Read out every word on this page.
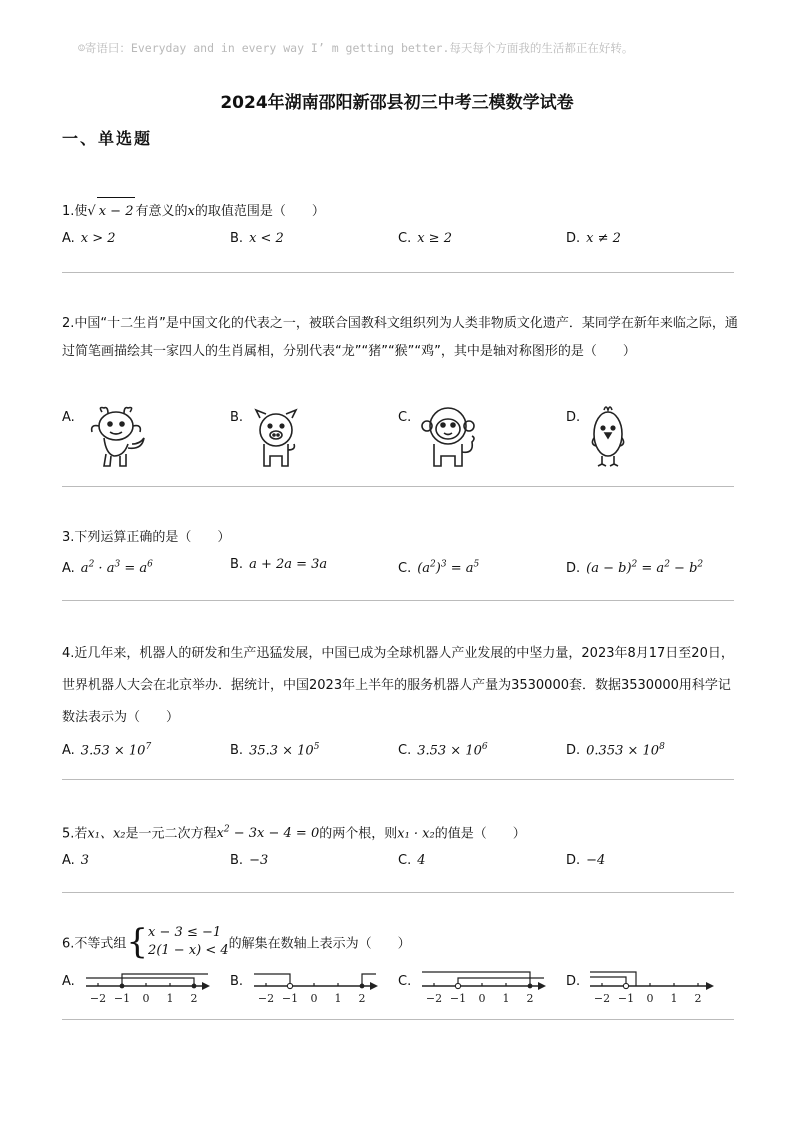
☺寄语曰：Everyday and in every way I’ m getting better.每天每个方面我的生活都正在好转。
2024年湖南邵阳新邵县初三中考三模数学试卷
一、单选题
1.使√ x − 2 有意义的x的取值范围是（　　）
A. x > 2	B. x < 2	C. x ≥ 2	D. x ≠ 2
2.中国“十二生肖”是中国文化的代表之一，被联合国教科文组织列为人类非物质文化遗产．某同学在新年来临之际，通过简笔画描绘其一家四人的生肖属相，分别代表“龙”“猪”“猴”“鸡”，其中是轴对称图形的是（　　）
A.	B.	C.	D.
3.下列运算正确的是（　　）
A. $a^2 \cdot a^3 = a^6$	B. a + 2a = 3a	C. $(a^2)^3 = a^5$	D. $(a - b)^2 = a^2 - b^2$
4.近几年来，机器人的研发和生产迅猛发展，中国已成为全球机器人产业发展的中坚力量，2023年8月17日至20日，世界机器人大会在北京举办．据统计，中国2023年上半年的服务机器人产量为3530000套．数据3530000用科学记数法表示为（　　）
A. $3.53 \times 10^7$	B. $35.3 \times 10^5$	C. $3.53 \times 10^6$	D. $0.353 \times 10^8$
5.若x₁、x₂是一元二次方程$x^2 - 3x - 4 = 0$的两个根，则x₁ · x₂的值是（　　）
A. 3	B. −3	C. 4	D. −4
6.不等式组{x − 3 ≤ −1
2(1 − x) < 4的解集在数轴上表示为（　　）
A.	B.	C.	D.
−2 −1 0 1 2	−2 −1 0 1 2	−2 −1 0 1 2	−2 −1 0 1 2
